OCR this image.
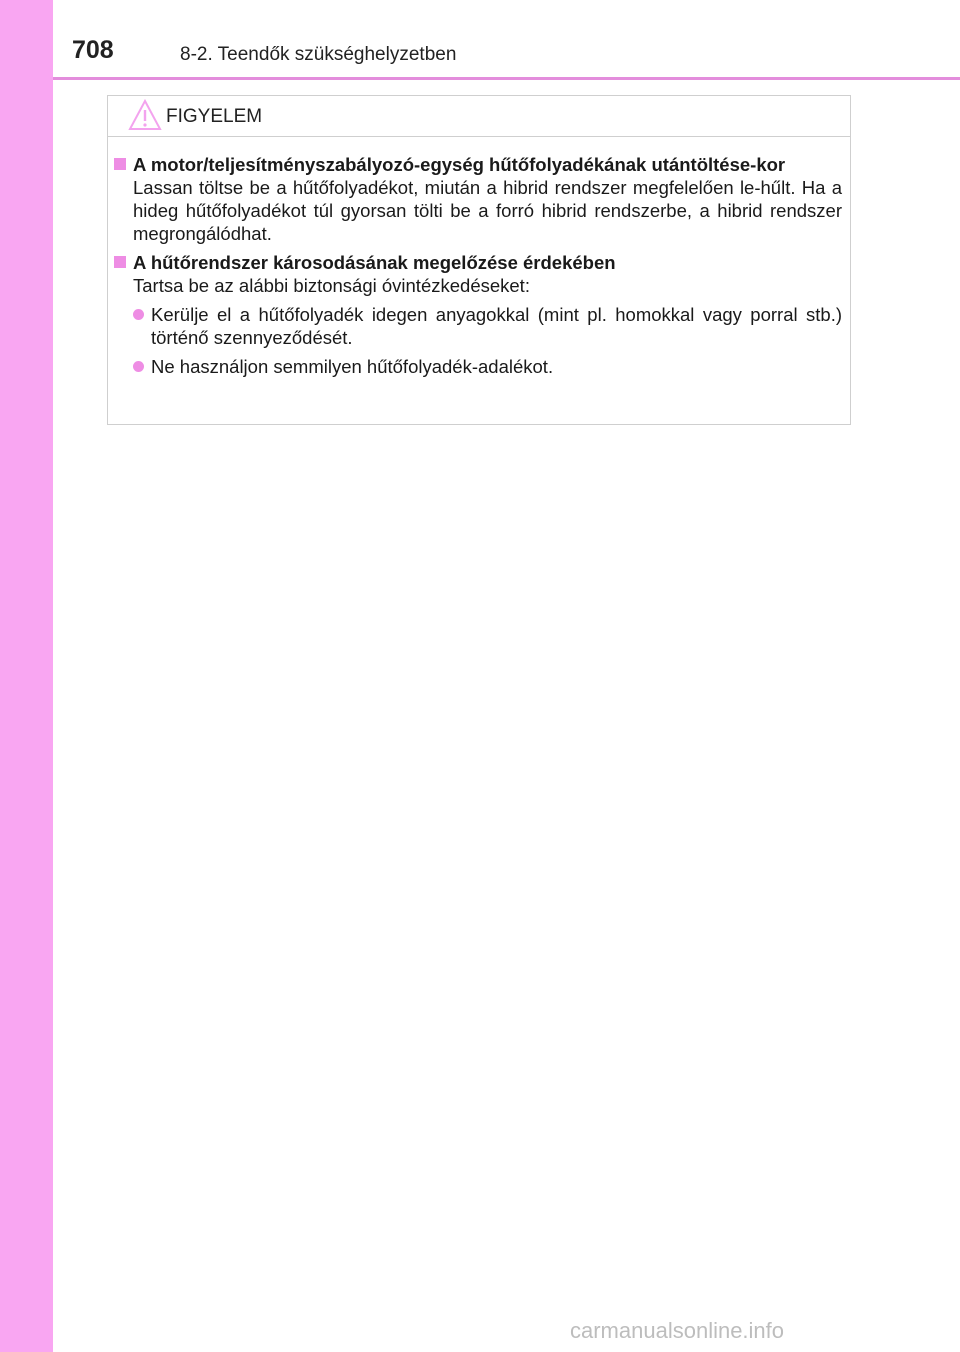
708	8-2. Teendők szükséghelyzetben
FIGYELEM
A motor/teljesítményszabályozó-egység hűtőfolyadékának utántöltése-kor
Lassan töltse be a hűtőfolyadékot, miután a hibrid rendszer megfelelően le-hűlt. Ha a hideg hűtőfolyadékot túl gyorsan tölti be a forró hibrid rendszerbe, a hibrid rendszer megrongálódhat.
A hűtőrendszer károsodásának megelőzése érdekében
Tartsa be az alábbi biztonsági óvintézkedéseket:
Kerülje el a hűtőfolyadék idegen anyagokkal (mint pl. homokkal vagy porral stb.) történő szennyeződését.
Ne használjon semmilyen hűtőfolyadék-adalékot.
carmanualsonline.info
